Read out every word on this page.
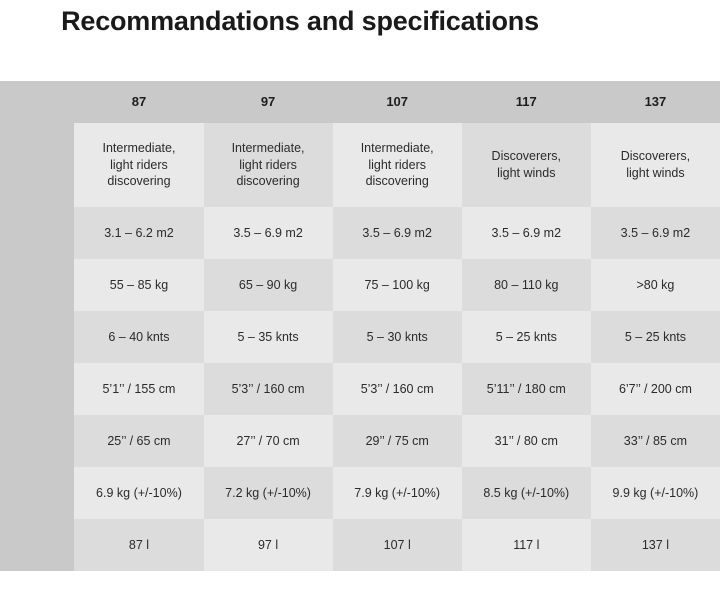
Recommandations and specifications
	87	97	107	117	137
	Intermediate,
light riders
discovering	Intermediate,
light riders
discovering	Intermediate,
light riders
discovering	Discoverers,
light winds	Discoverers,
light winds
	3.1 – 6.2 m2	3.5 – 6.9 m2	3.5 – 6.9 m2	3.5 – 6.9 m2	3.5 – 6.9 m2
	55 – 85 kg	65 – 90 kg	75 – 100 kg	80 – 110 kg	>80 kg
	6 – 40 knts	5 – 35 knts	5 – 30 knts	5 – 25 knts	5 – 25 knts
	5’1’’ / 155 cm	5’3’’ / 160 cm	5’3’’ / 160 cm	5’11’’ / 180 cm	6’7’’ / 200 cm
	25’’ / 65 cm	27’’ / 70 cm	29’’ / 75 cm	31’’ / 80 cm	33’’ / 85 cm
	6.9 kg (+/-10%)	7.2 kg (+/-10%)	7.9 kg (+/-10%)	8.5 kg (+/-10%)	9.9 kg (+/-10%)
	87 l	97 l	107 l	117 l	137 l
